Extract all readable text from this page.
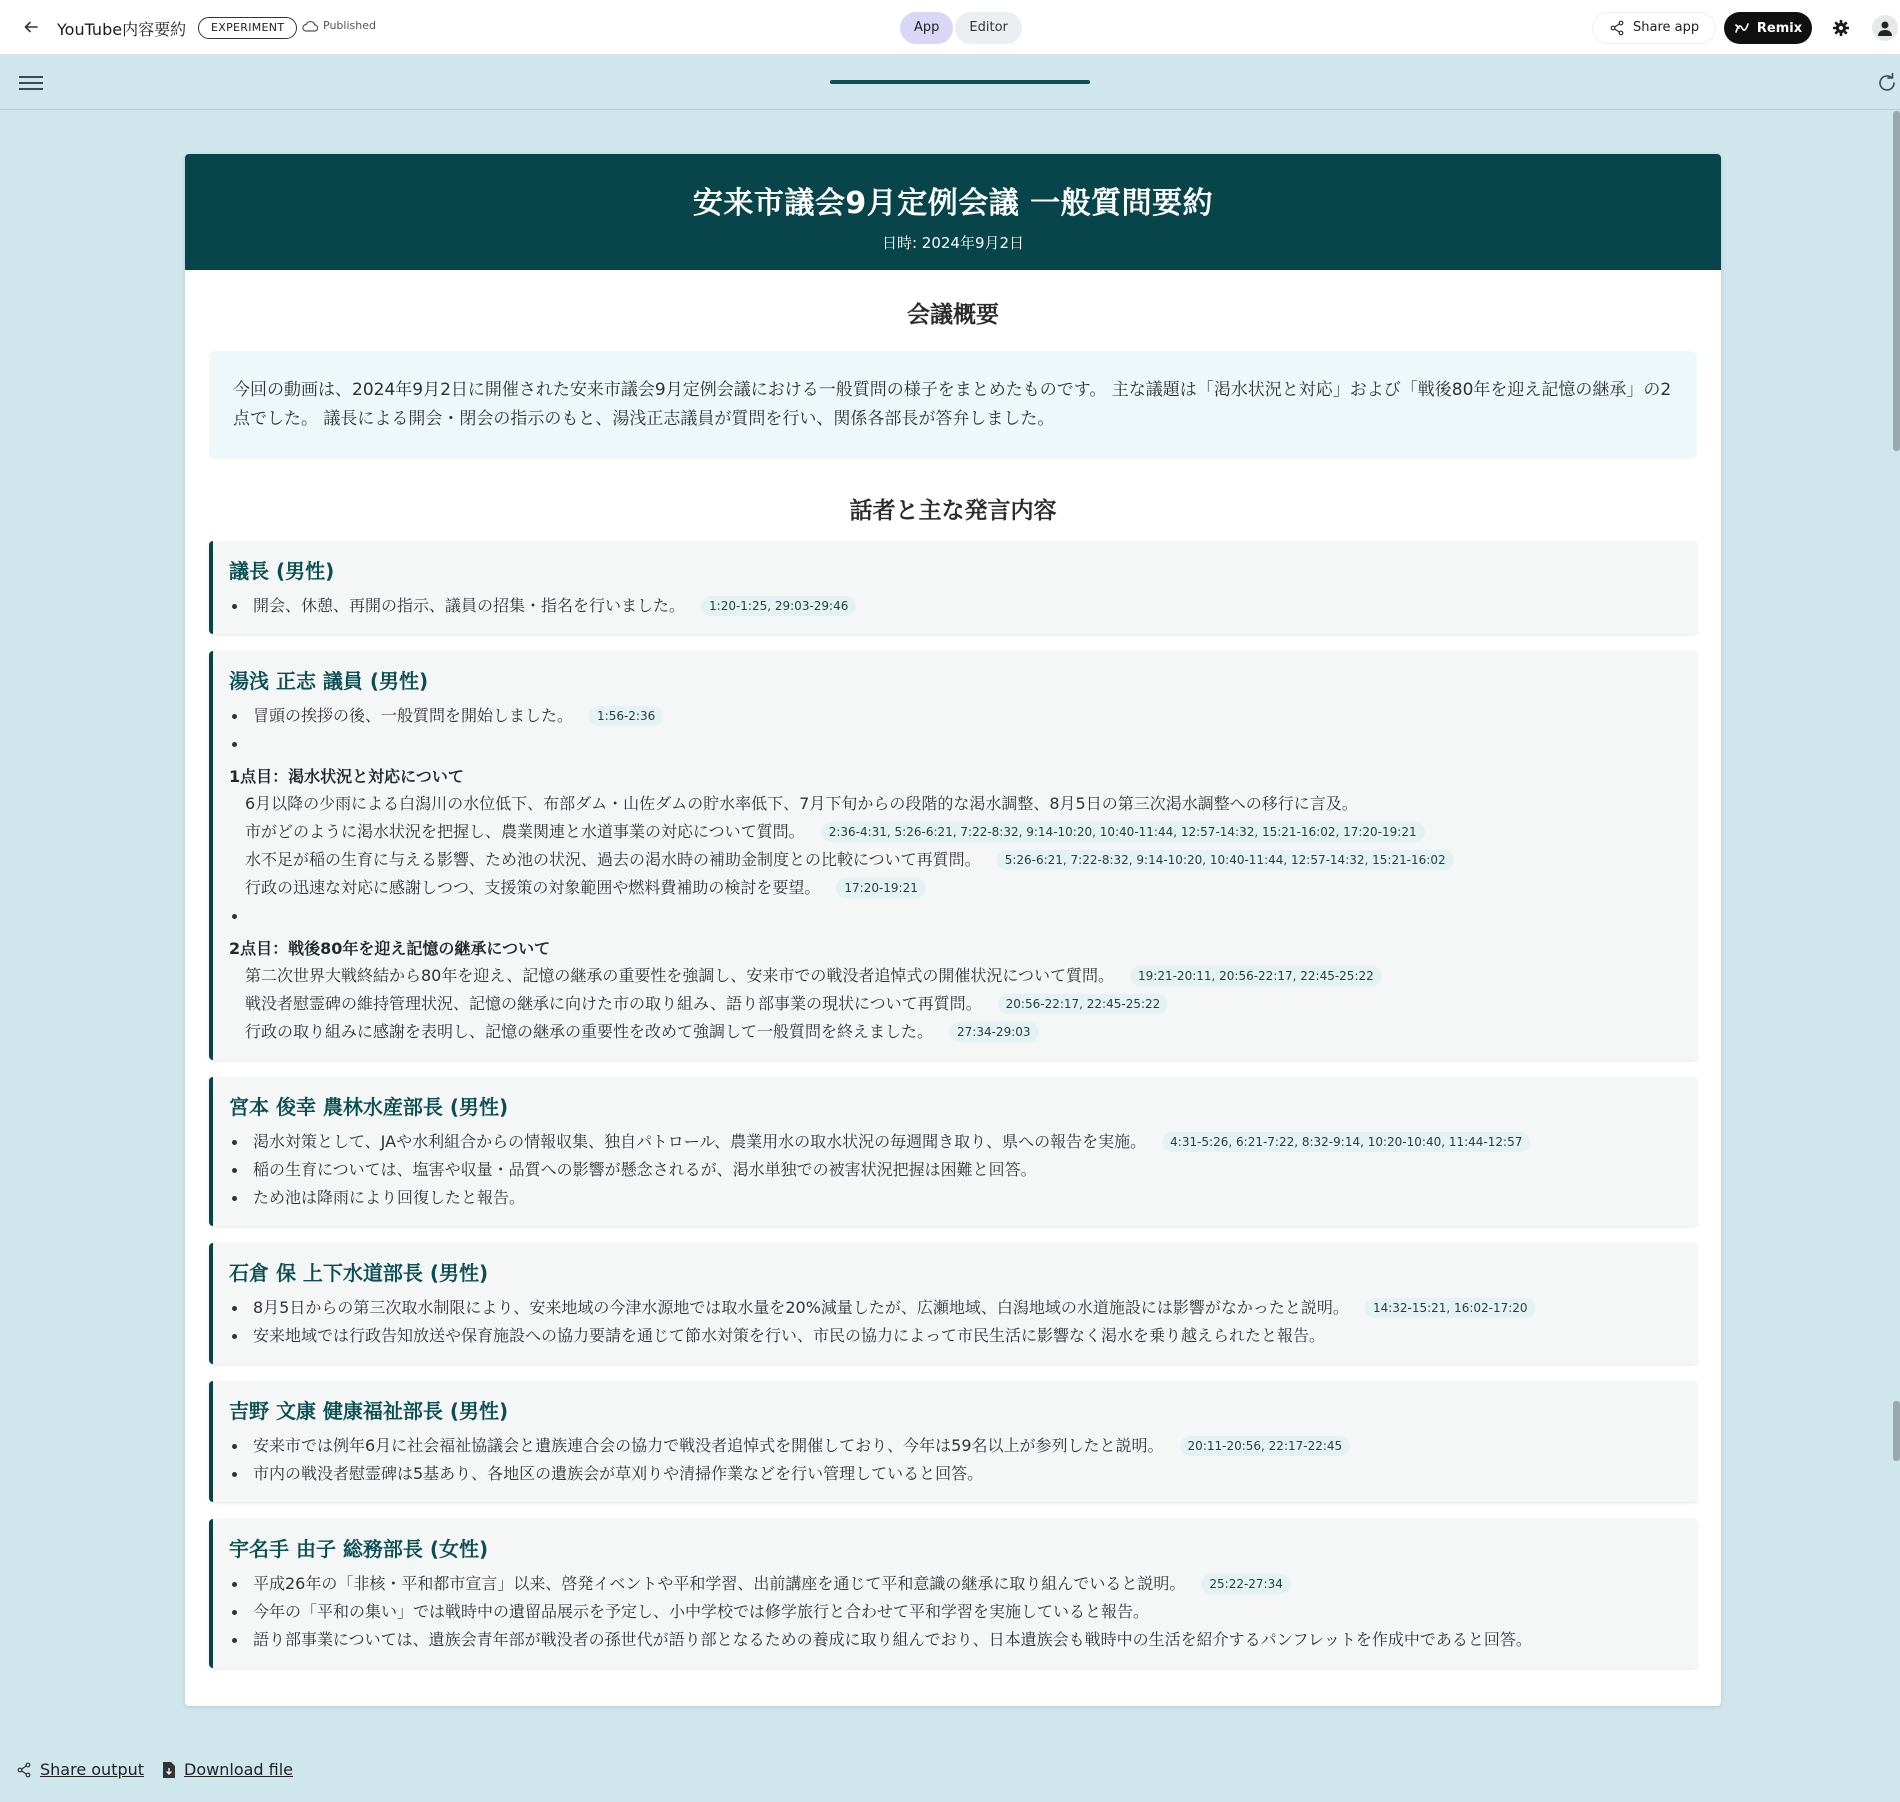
YouTube内容要約	EXPERIMENT	Published	App	Editor	Share app	Remix
安来市議会9月定例会議 一般質問要約
日時: 2024年9月2日
会議概要
今回の動画は、2024年9月2日に開催された安来市議会9月定例会議における一般質問の様子をまとめたものです。 主な議題は「渇水状況と対応」および「戦後80年を迎え記憶の継承」の2点でした。 議長による開会・閉会の指示のもと、湯浅正志議員が質問を行い、関係各部長が答弁しました。
話者と主な発言内容
議長 (男性)
開会、休憩、再開の指示、議員の招集・指名を行いました。 1:20-1:25, 29:03-29:46
湯浅 正志 議員 (男性)
冒頭の挨拶の後、一般質問を開始しました。 1:56-2:36
1点目：渇水状況と対応について
6月以降の少雨による白潟川の水位低下、布部ダム・山佐ダムの貯水率低下、7月下旬からの段階的な渇水調整、8月5日の第三次渇水調整への移行に言及。
市がどのように渇水状況を把握し、農業関連と水道事業の対応について質問。 2:36-4:31, 5:26-6:21, 7:22-8:32, 9:14-10:20, 10:40-11:44, 12:57-14:32, 15:21-16:02, 17:20-19:21
水不足が稲の生育に与える影響、ため池の状況、過去の渇水時の補助金制度との比較について再質問。 5:26-6:21, 7:22-8:32, 9:14-10:20, 10:40-11:44, 12:57-14:32, 15:21-16:02
行政の迅速な対応に感謝しつつ、支援策の対象範囲や燃料費補助の検討を要望。 17:20-19:21
2点目：戦後80年を迎え記憶の継承について
第二次世界大戦終結から80年を迎え、記憶の継承の重要性を強調し、安来市での戦没者追悼式の開催状況について質問。 19:21-20:11, 20:56-22:17, 22:45-25:22
戦没者慰霊碑の維持管理状況、記憶の継承に向けた市の取り組み、語り部事業の現状について再質問。 20:56-22:17, 22:45-25:22
行政の取り組みに感謝を表明し、記憶の継承の重要性を改めて強調して一般質問を終えました。 27:34-29:03
宮本 俊幸 農林水産部長 (男性)
渇水対策として、JAや水利組合からの情報収集、独自パトロール、農業用水の取水状況の毎週聞き取り、県への報告を実施。 4:31-5:26, 6:21-7:22, 8:32-9:14, 10:20-10:40, 11:44-12:57
稲の生育については、塩害や収量・品質への影響が懸念されるが、渇水単独での被害状況把握は困難と回答。
ため池は降雨により回復したと報告。
石倉 保 上下水道部長 (男性)
8月5日からの第三次取水制限により、安来地域の今津水源地では取水量を20%減量したが、広瀬地域、白潟地域の水道施設には影響がなかったと説明。 14:32-15:21, 16:02-17:20
安来地域では行政告知放送や保育施設への協力要請を通じて節水対策を行い、市民の協力によって市民生活に影響なく渇水を乗り越えられたと報告。
吉野 文康 健康福祉部長 (男性)
安来市では例年6月に社会福祉協議会と遺族連合会の協力で戦没者追悼式を開催しており、今年は59名以上が参列したと説明。 20:11-20:56, 22:17-22:45
市内の戦没者慰霊碑は5基あり、各地区の遺族会が草刈りや清掃作業などを行い管理していると回答。
宇名手 由子 総務部長 (女性)
平成26年の「非核・平和都市宣言」以来、啓発イベントや平和学習、出前講座を通じて平和意識の継承に取り組んでいると説明。 25:22-27:34
今年の「平和の集い」では戦時中の遺留品展示を予定し、小中学校では修学旅行と合わせて平和学習を実施していると報告。
語り部事業については、遺族会青年部が戦没者の孫世代が語り部となるための養成に取り組んでおり、日本遺族会も戦時中の生活を紹介するパンフレットを作成中であると回答。
Share output	Download file
